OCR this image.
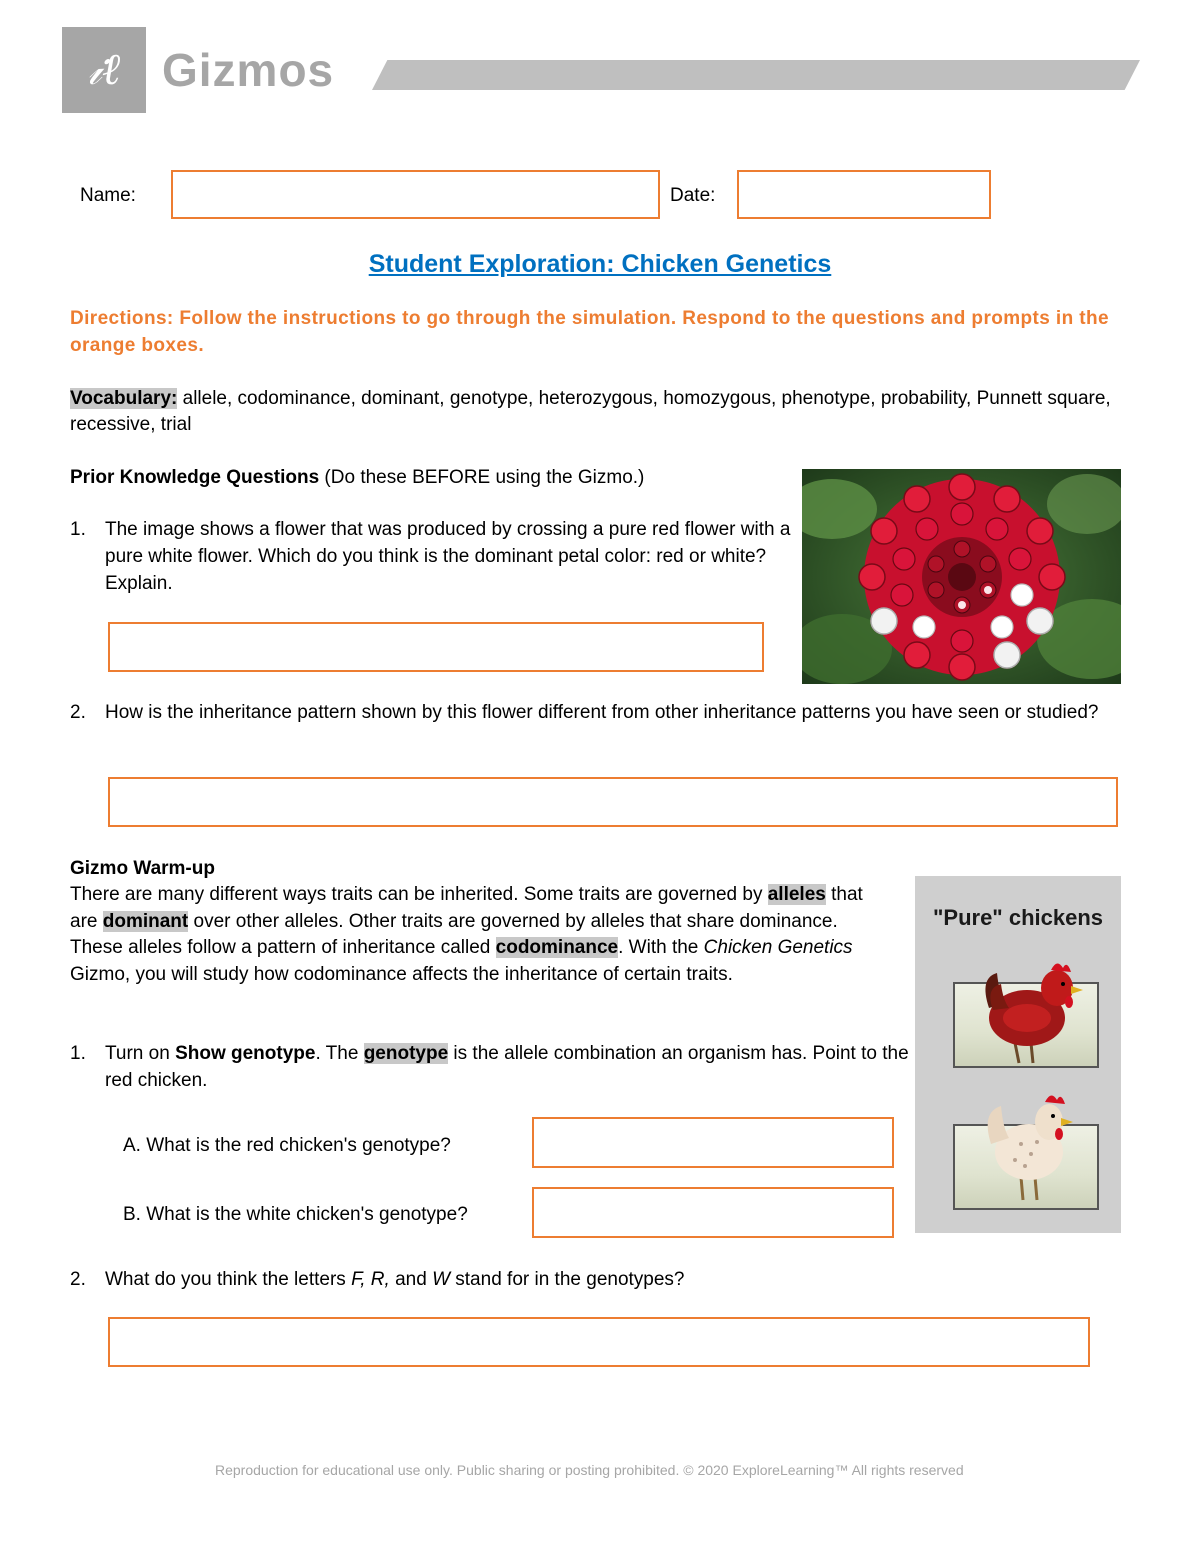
𝒾ℓ Gizmos
Name:	Date:
Student Exploration: Chicken Genetics
Directions: Follow the instructions to go through the simulation. Respond to the questions and prompts in the orange boxes.
Vocabulary: allele, codominance, dominant, genotype, heterozygous, homozygous, phenotype, probability, Punnett square, recessive, trial
Prior Knowledge Questions (Do these BEFORE using the Gizmo.)
1. The image shows a flower that was produced by crossing a pure red flower with a pure white flower. Which do you think is the dominant petal color: red or white? Explain.
2. How is the inheritance pattern shown by this flower different from other inheritance patterns you have seen or studied?
Gizmo Warm-up
There are many different ways traits can be inherited. Some traits are governed by alleles that are dominant over other alleles. Other traits are governed by alleles that share dominance. These alleles follow a pattern of inheritance called codominance. With the Chicken Genetics Gizmo, you will study how codominance affects the inheritance of certain traits.
1. Turn on Show genotype. The genotype is the allele combination an organism has. Point to the red chicken.
A. What is the red chicken's genotype?
B. What is the white chicken's genotype?
"Pure" chickens
2. What do you think the letters F, R, and W stand for in the genotypes?
Reproduction for educational use only. Public sharing or posting prohibited. © 2020 ExploreLearning™ All rights reserved
